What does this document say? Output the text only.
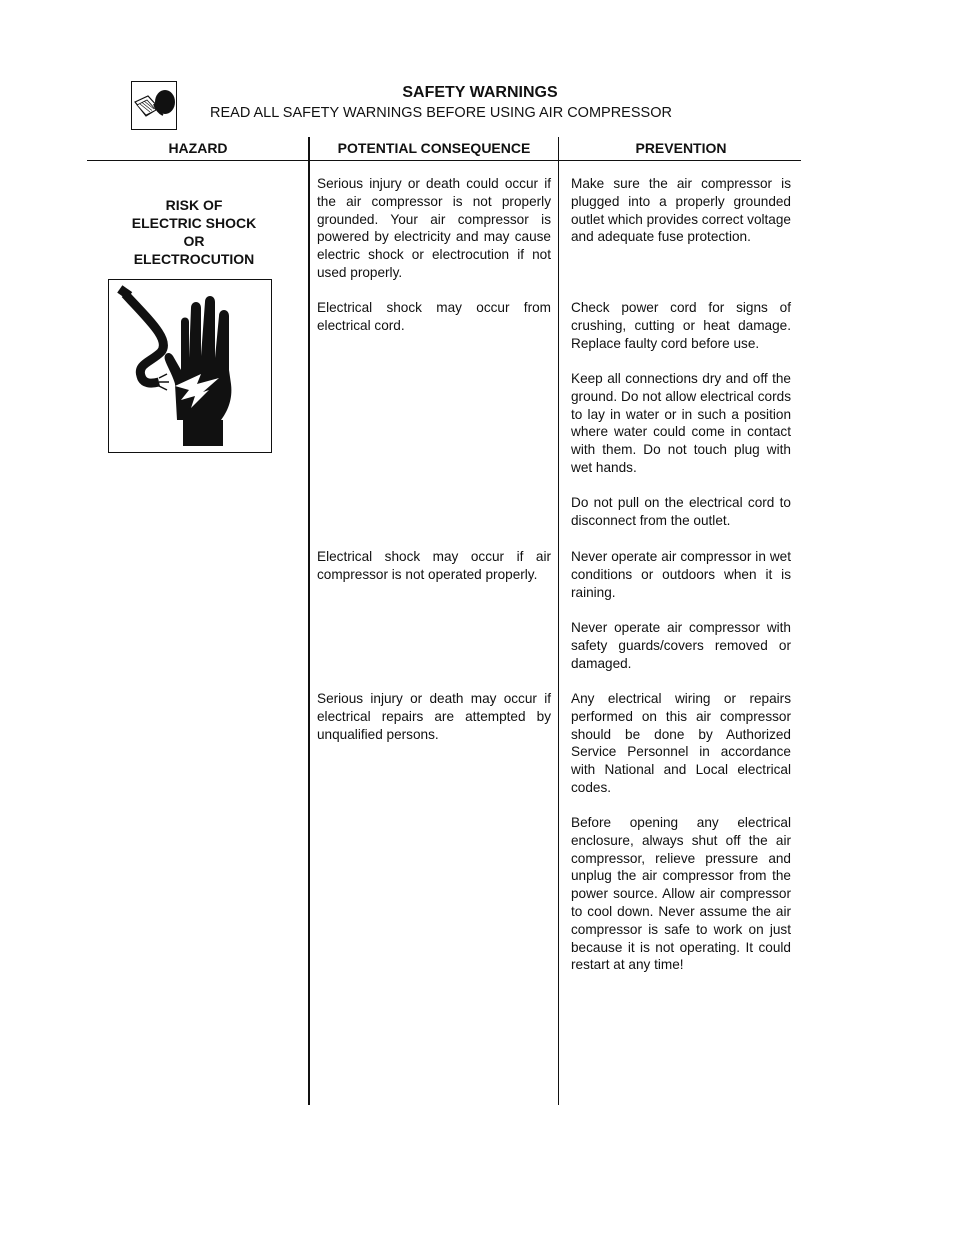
SAFETY WARNINGS
READ ALL SAFETY WARNINGS BEFORE USING AIR COMPRESSOR
HAZARD	POTENTIAL CONSEQUENCE	PREVENTION
RISK OF
ELECTRIC SHOCK
OR
ELECTROCUTION
Serious injury or death could occur if the air compressor is not properly grounded. Your air compressor is powered by electricity and may cause electric shock or electrocution if not used properly.
Electrical shock may occur from electrical cord.
Electrical shock may occur if air compressor is not operated properly.
Serious injury or death may occur if electrical repairs are attempted by unqualified persons.
Make sure the air compressor is plugged into a properly grounded outlet which provides correct voltage and adequate fuse protection.
Check power cord for signs of crushing, cutting or heat damage. Replace faulty cord before use.
Keep all connections dry and off the ground. Do not allow electrical cords to lay in water or in such a position where water could come in contact with them. Do not touch plug with wet hands.
Do not pull on the electrical cord to disconnect from the outlet.
Never operate air compressor in wet conditions or outdoors when it is raining.
Never operate air compressor with safety guards/covers removed or damaged.
Any electrical wiring or repairs performed on this air compressor should be done by Authorized Service Personnel in accordance with National and Local electrical codes.
Before opening any electrical enclosure, always shut off the air compressor, relieve pressure and unplug the air compressor from the power source. Allow air compressor to cool down. Never assume the air compressor is safe to work on just because it is not operating. It could restart at any time!
